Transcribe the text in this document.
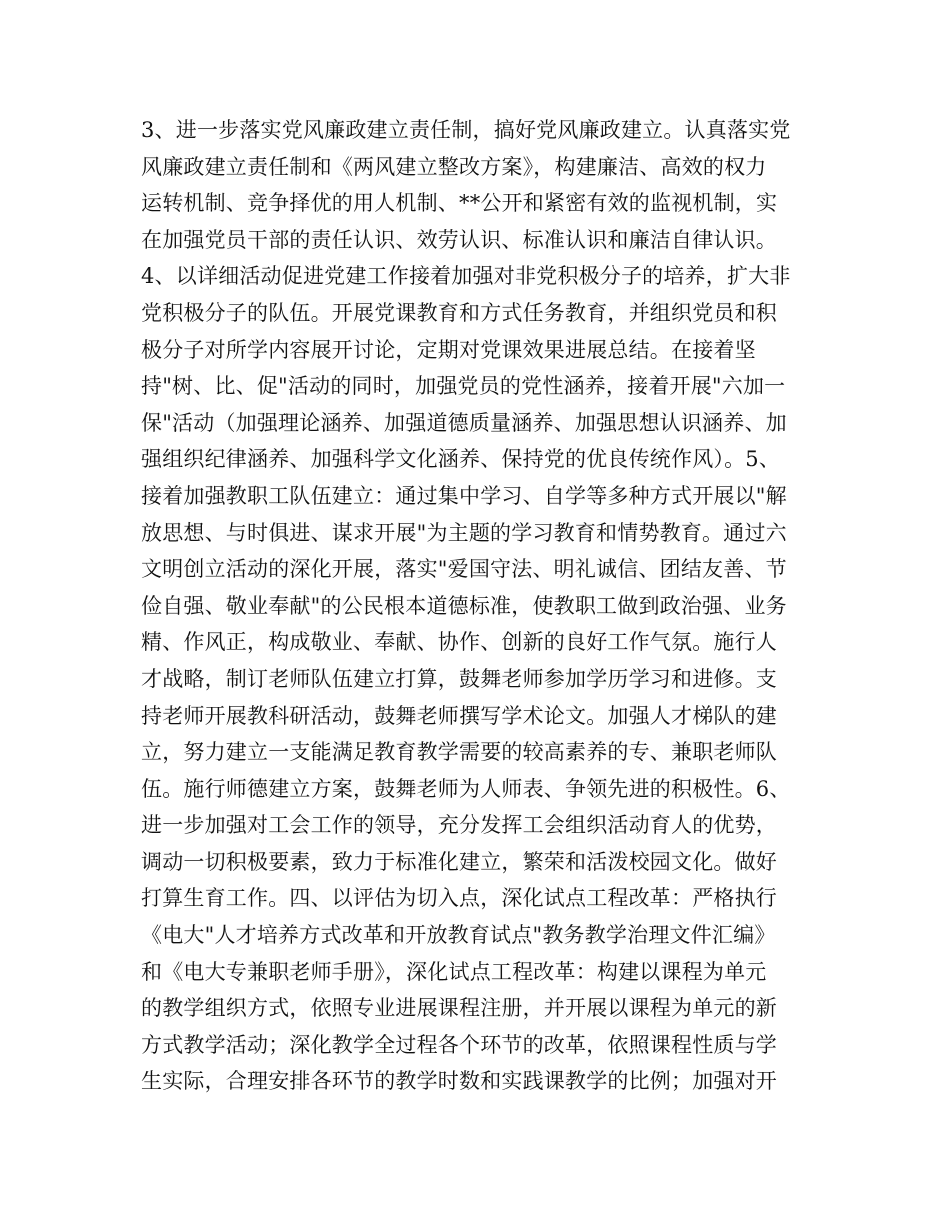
3、进一步落实党风廉政建立责任制，搞好党风廉政建立。认真落实党
风廉政建立责任制和《两风建立整改方案》，构建廉洁、高效的权力
运转机制、竞争择优的用人机制、**公开和紧密有效的监视机制，实
在加强党员干部的责任认识、效劳认识、标准认识和廉洁自律认识。
4、以详细活动促进党建工作接着加强对非党积极分子的培养，扩大非
党积极分子的队伍。开展党课教育和方式任务教育，并组织党员和积
极分子对所学内容展开讨论，定期对党课效果进展总结。在接着坚
持"树、比、促"活动的同时，加强党员的党性涵养，接着开展"六加一
保"活动（加强理论涵养、加强道德质量涵养、加强思想认识涵养、加
强组织纪律涵养、加强科学文化涵养、保持党的优良传统作风）。5、
接着加强教职工队伍建立：通过集中学习、自学等多种方式开展以"解
放思想、与时俱进、谋求开展"为主题的学习教育和情势教育。通过六
文明创立活动的深化开展，落实"爱国守法、明礼诚信、团结友善、节
俭自强、敬业奉献"的公民根本道德标准，使教职工做到政治强、业务
精、作风正，构成敬业、奉献、协作、创新的良好工作气氛。施行人
才战略，制订老师队伍建立打算，鼓舞老师参加学历学习和进修。支
持老师开展教科研活动，鼓舞老师撰写学术论文。加强人才梯队的建
立，努力建立一支能满足教育教学需要的较高素养的专、兼职老师队
伍。施行师德建立方案，鼓舞老师为人师表、争领先进的积极性。6、
进一步加强对工会工作的领导，充分发挥工会组织活动育人的优势，
调动一切积极要素，致力于标准化建立，繁荣和活泼校园文化。做好
打算生育工作。四、以评估为切入点，深化试点工程改革：严格执行
《电大"人才培养方式改革和开放教育试点"教务教学治理文件汇编》
和《电大专兼职老师手册》，深化试点工程改革：构建以课程为单元
的教学组织方式，依照专业进展课程注册，并开展以课程为单元的新
方式教学活动；深化教学全过程各个环节的改革，依照课程性质与学
生实际，合理安排各环节的教学时数和实践课教学的比例；加强对开
